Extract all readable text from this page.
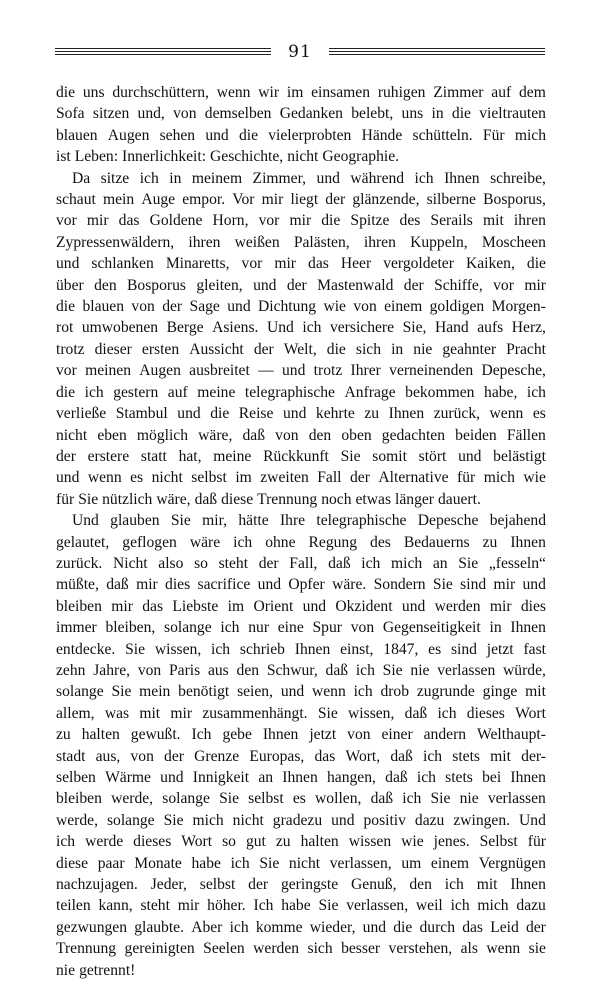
91
die uns durchschüttern, wenn wir im einsamen ruhigen Zimmer auf dem
Sofa sitzen und, von demselben Gedanken belebt, uns in die vieltrauten
blauen Augen sehen und die vielerprobten Hände schütteln. Für mich
ist Leben: Innerlichkeit: Geschichte, nicht Geographie.
Da sitze ich in meinem Zimmer, und während ich Ihnen schreibe,
schaut mein Auge empor. Vor mir liegt der glänzende, silberne Bosporus,
vor mir das Goldene Horn, vor mir die Spitze des Serails mit ihren
Zypressenwäldern, ihren weißen Palästen, ihren Kuppeln, Moscheen
und schlanken Minaretts, vor mir das Heer vergoldeter Kaiken, die
über den Bosporus gleiten, und der Mastenwald der Schiffe, vor mir
die blauen von der Sage und Dichtung wie von einem goldigen Morgen-
rot umwobenen Berge Asiens. Und ich versichere Sie, Hand aufs Herz,
trotz dieser ersten Aussicht der Welt, die sich in nie geahnter Pracht
vor meinen Augen ausbreitet — und trotz Ihrer verneinenden Depesche,
die ich gestern auf meine telegraphische Anfrage bekommen habe, ich
verließe Stambul und die Reise und kehrte zu Ihnen zurück, wenn es
nicht eben möglich wäre, daß von den oben gedachten beiden Fällen
der erstere statt hat, meine Rückkunft Sie somit stört und belästigt
und wenn es nicht selbst im zweiten Fall der Alternative für mich wie
für Sie nützlich wäre, daß diese Trennung noch etwas länger dauert.
Und glauben Sie mir, hätte Ihre telegraphische Depesche bejahend
gelautet, geflogen wäre ich ohne Regung des Bedauerns zu Ihnen
zurück. Nicht also so steht der Fall, daß ich mich an Sie „fesseln“
müßte, daß mir dies sacrifice und Opfer wäre. Sondern Sie sind mir und
bleiben mir das Liebste im Orient und Okzident und werden mir dies
immer bleiben, solange ich nur eine Spur von Gegenseitigkeit in Ihnen
entdecke. Sie wissen, ich schrieb Ihnen einst, 1847, es sind jetzt fast
zehn Jahre, von Paris aus den Schwur, daß ich Sie nie verlassen würde,
solange Sie mein benötigt seien, und wenn ich drob zugrunde ginge mit
allem, was mit mir zusammenhängt. Sie wissen, daß ich dieses Wort
zu halten gewußt. Ich gebe Ihnen jetzt von einer andern Welthaupt-
stadt aus, von der Grenze Europas, das Wort, daß ich stets mit der-
selben Wärme und Innigkeit an Ihnen hangen, daß ich stets bei Ihnen
bleiben werde, solange Sie selbst es wollen, daß ich Sie nie verlassen
werde, solange Sie mich nicht gradezu und positiv dazu zwingen. Und
ich werde dieses Wort so gut zu halten wissen wie jenes. Selbst für
diese paar Monate habe ich Sie nicht verlassen, um einem Vergnügen
nachzujagen. Jeder, selbst der geringste Genuß, den ich mit Ihnen
teilen kann, steht mir höher. Ich habe Sie verlassen, weil ich mich dazu
gezwungen glaubte. Aber ich komme wieder, und die durch das Leid der
Trennung gereinigten Seelen werden sich besser verstehen, als wenn sie
nie getrennt!
